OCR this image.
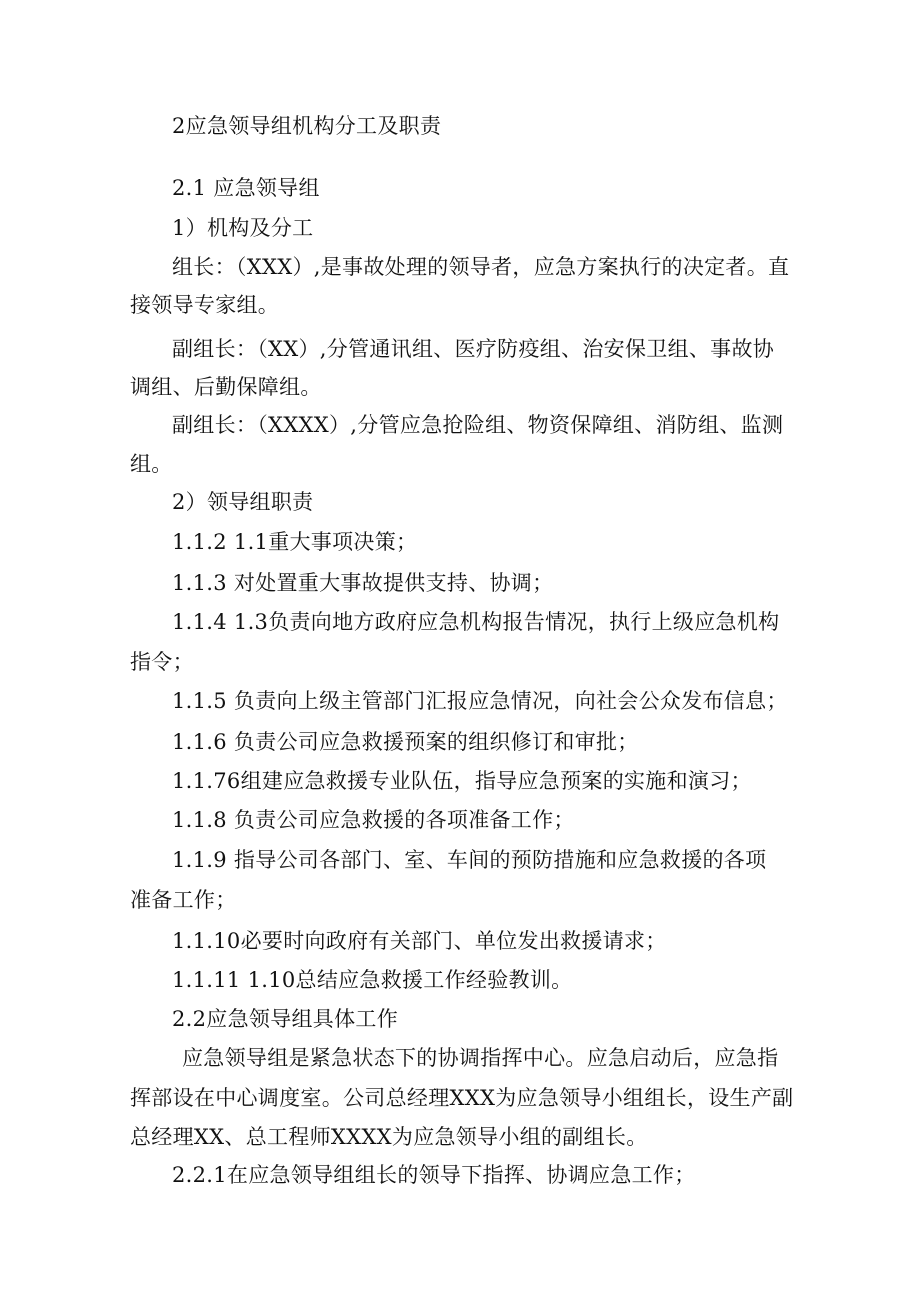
2应急领导组机构分工及职责
2.1 应急领导组
1）机构及分工
组长：（XXX）,是事故处理的领导者，应急方案执行的决定者。直
接领导专家组。
副组长：（XX）,分管通讯组、医疗防疫组、治安保卫组、事故协
调组、后勤保障组。
副组长：（XXXX）,分管应急抢险组、物资保障组、消防组、监测
组。
2）领导组职责
1.1.2 1.1重大事项决策；
1.1.3 对处置重大事故提供支持、协调；
1.1.4 1.3负责向地方政府应急机构报告情况，执行上级应急机构
指令；
1.1.5 负责向上级主管部门汇报应急情况，向社会公众发布信息；
1.1.6 负责公司应急救援预案的组织修订和审批；
1.1.76组建应急救援专业队伍，指导应急预案的实施和演习；
1.1.8 负责公司应急救援的各项准备工作；
1.1.9 指导公司各部门、室、车间的预防措施和应急救援的各项
准备工作；
1.1.10必要时向政府有关部门、单位发出救援请求；
1.1.11 1.10总结应急救援工作经验教训。
2.2应急领导组具体工作
应急领导组是紧急状态下的协调指挥中心。应急启动后，应急指
挥部设在中心调度室。公司总经理XXX为应急领导小组组长，设生产副
总经理XX、总工程师XXXX为应急领导小组的副组长。
2.2.1在应急领导组组长的领导下指挥、协调应急工作；
